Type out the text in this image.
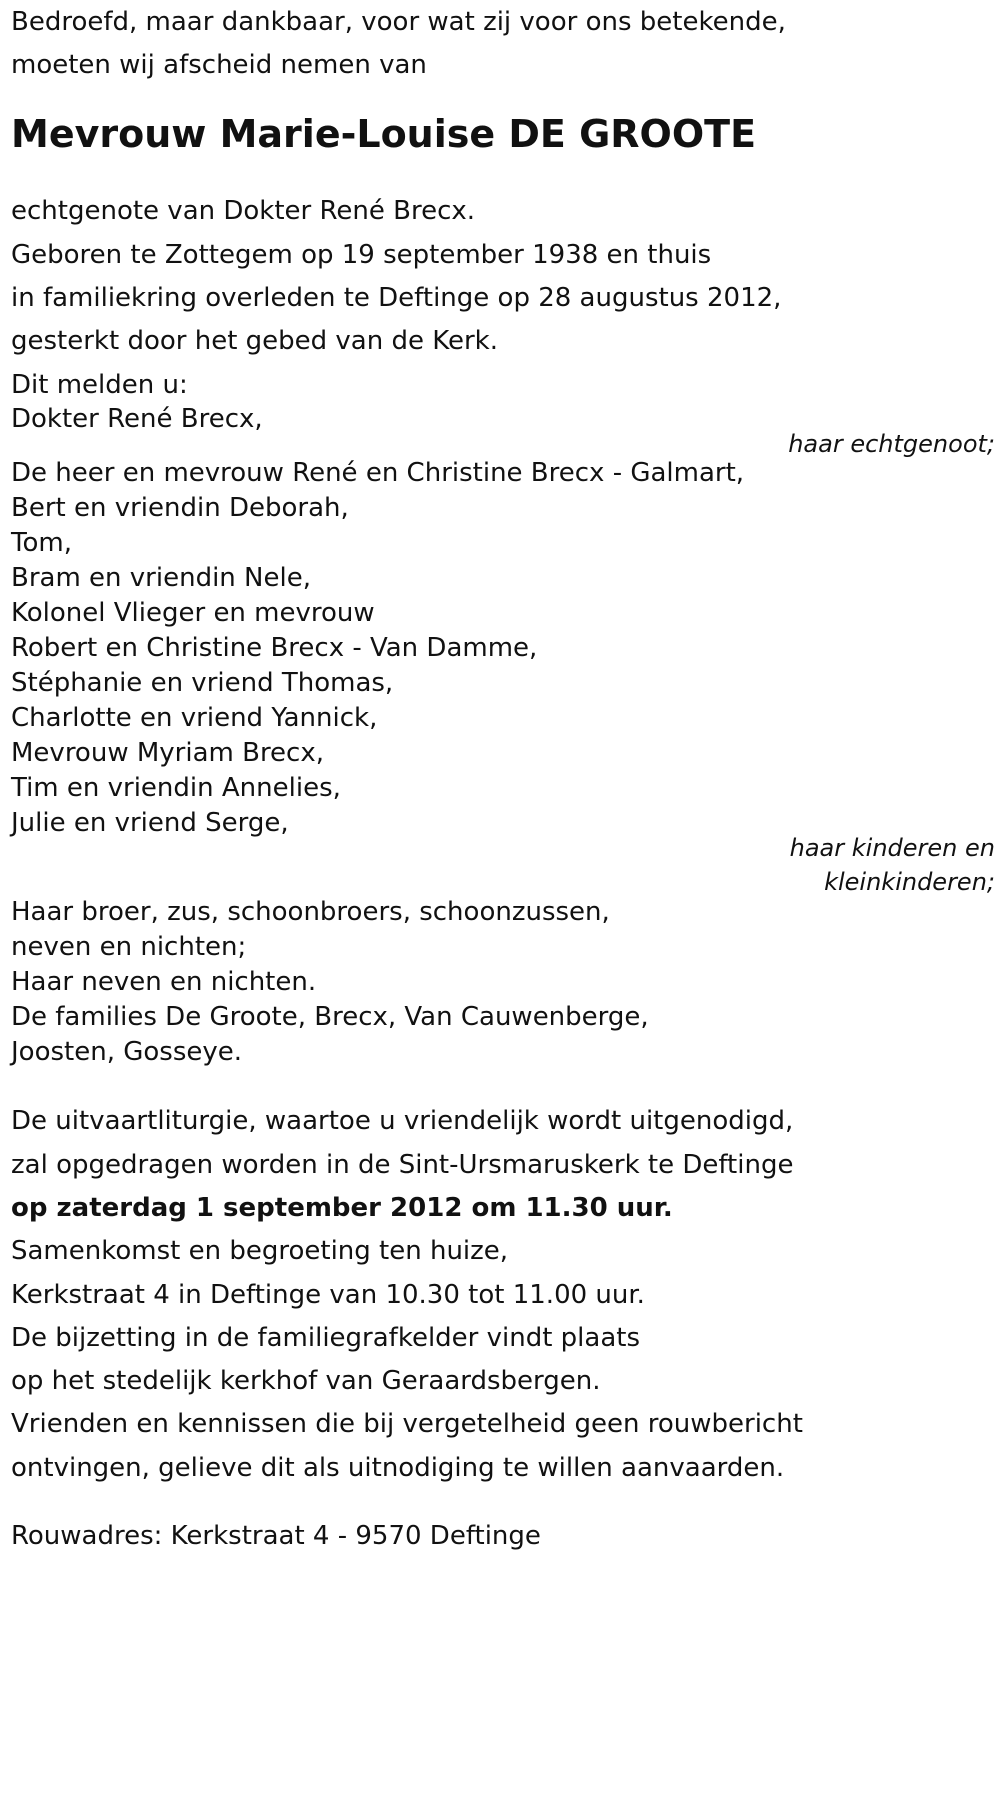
Bedroefd, maar dankbaar, voor wat zij voor ons betekende,
moeten wij afscheid nemen van
Mevrouw Marie-Louise DE GROOTE
echtgenote van Dokter René Brecx.
Geboren te Zottegem op 19 september 1938 en thuis
in familiekring overleden te Deftinge op 28 augustus 2012,
gesterkt door het gebed van de Kerk.
Dit melden u:
Dokter René Brecx,
haar echtgenoot;
De heer en mevrouw René en Christine Brecx - Galmart,
Bert en vriendin Deborah,
Tom,
Bram en vriendin Nele,
Kolonel Vlieger en mevrouw
Robert en Christine Brecx - Van Damme,
Stéphanie en vriend Thomas,
Charlotte en vriend Yannick,
Mevrouw Myriam Brecx,
Tim en vriendin Annelies,
Julie en vriend Serge,
haar kinderen en
kleinkinderen;
Haar broer, zus, schoonbroers, schoonzussen,
neven en nichten;
Haar neven en nichten.
De families De Groote, Brecx, Van Cauwenberge,
Joosten, Gosseye.
De uitvaartliturgie, waartoe u vriendelijk wordt uitgenodigd,
zal opgedragen worden in de Sint-Ursmaruskerk te Deftinge
op zaterdag 1 september 2012 om 11.30 uur.
Samenkomst en begroeting ten huize,
Kerkstraat 4 in Deftinge van 10.30 tot 11.00 uur.
De bijzetting in de familiegrafkelder vindt plaats
op het stedelijk kerkhof van Geraardsbergen.
Vrienden en kennissen die bij vergetelheid geen rouwbericht
ontvingen, gelieve dit als uitnodiging te willen aanvaarden.
Rouwadres: Kerkstraat 4 - 9570 Deftinge
